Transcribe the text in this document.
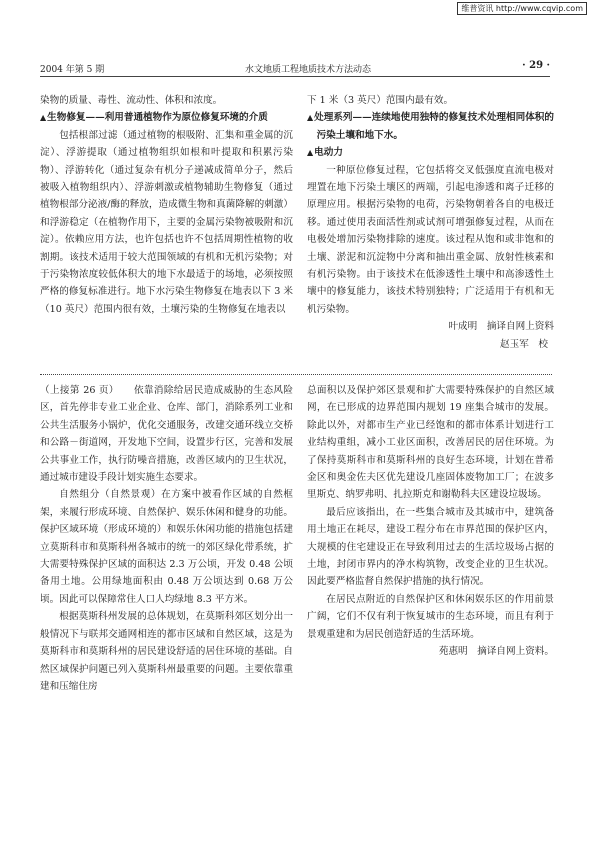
维普资讯 http://www.cqvip.com
2004 年第 5 期	水文地质工程地质技术方法动态	· 29 ·

染物的质量、毒性、流动性、体积和浓度。

▲生物修复——利用普通植物作为原位修复环境的介质

包括根部过滤（通过植物的根吸附、汇集和重金属的沉淀）、浮游提取（通过植物组织如根和叶提取和积累污染物）、浮游转化（通过复杂有机分子递减成简单分子，然后被吸入植物组织内）、浮游刺激或植物辅助生物修复（通过植物根部分泌液/酶的释放，造成微生物和真菌降解的刺激）和浮游稳定（在植物作用下，主要的金属污染物被吸附和沉淀）。依赖应用方法，也许包括也许不包括周期性植物的收割期。该技术适用于较大范围领域的有机和无机污染物；对于污染物浓度较低体积大的地下水最适于的场地，必须按照严格的修复标准进行。地下水污染生物修复在地表以下 3 米（10 英尺）范围内很有效，土壤污染的生物修复在地表以

下 1 米（3 英尺）范围内最有效。

▲处理系列——连续地使用独特的修复技术处理相同体积的污染土壤和地下水。

▲电动力

一种原位修复过程，它包括将交叉低强度直流电极对埋置在地下污染土壤区的两端，引起电渗透和离子迁移的原理应用。根据污染物的电荷，污染物朝着各自的电极迁移。通过使用表面活性剂或试剂可增强修复过程，从而在电极处增加污染物排除的速度。该过程从饱和或非饱和的土壤、淤泥和沉淀物中分离和抽出重金属、放射性核素和有机污染物。由于该技术在低渗透性土壤中和高渗透性土壤中的修复能力，该技术特别独特；广泛适用于有机和无机污染物。

叶成明　摘译自网上资料

赵玉军　校

（上接第 26 页）　　依靠消除给居民造成威胁的生态风险区，首先停非专业工业企业、仓库、部门，消除系列工业和公共生活服务小锅炉，优化交通服务，改建交通环线立交桥和公路－街道网，开发地下空间，设置步行区，完善和发展公共事业工作，执行防噪音措施，改善区域内的卫生状况，通过城市建设手段计划实施生态要求。

自然组分（自然景观）在方案中被看作区域的自然框架，来履行形成环境、自然保护、娱乐休闲和健身的功能。保护区域环境（形成环境的）和娱乐休闲功能的措施包括建立莫斯科市和莫斯科州各城市的统一的郊区绿化带系统，扩大需要特殊保护区域的面积达 2.3 万公顷，开发 0.48 公顷备用土地。公用绿地面积由 0.48 万公顷达到 0.68 万公顷。因此可以保障常住人口人均绿地 8.3 平方米。

根据莫斯科州发展的总体规划，在莫斯科郊区划分出一般情况下与联邦交通网相连的都市区域和自然区域，这是为莫斯科市和莫斯科州的居民建设舒适的居住环境的基础。自然区域保护问题已列入莫斯科州最重要的问题。主要依靠重建和压缩住房

总面积以及保护郊区景观和扩大需要特殊保护的自然区域网，在已形成的边界范围内规划 19 座集合城市的发展。除此以外，对都市生产业已经饱和的都市体系计划进行工业结构重组，减小工业区面积，改善居民的居住环境。为了保持莫斯科市和莫斯科州的良好生态环境，计划在普希金区和奥金佐夫区优先建设几座固体废物加工厂；在波多里斯克、纳罗弗明、扎拉斯克和谢勒科夫区建设垃圾场。

最后应该指出，在一些集合城市及其城市中，建筑备用土地正在耗尽，建设工程分布在市界范围的保护区内，大规模的住宅建设正在导致利用过去的生活垃圾场占据的土地，封闭市界内的净水构筑物，改变企业的卫生状况。因此要严格监督自然保护措施的执行情况。

在居民点附近的自然保护区和休闲娱乐区的作用前景广阔，它们不仅有利于恢复城市的生态环境，而且有利于景观重建和为居民创造舒适的生活环境。

苑惠明　摘译自网上资料。
